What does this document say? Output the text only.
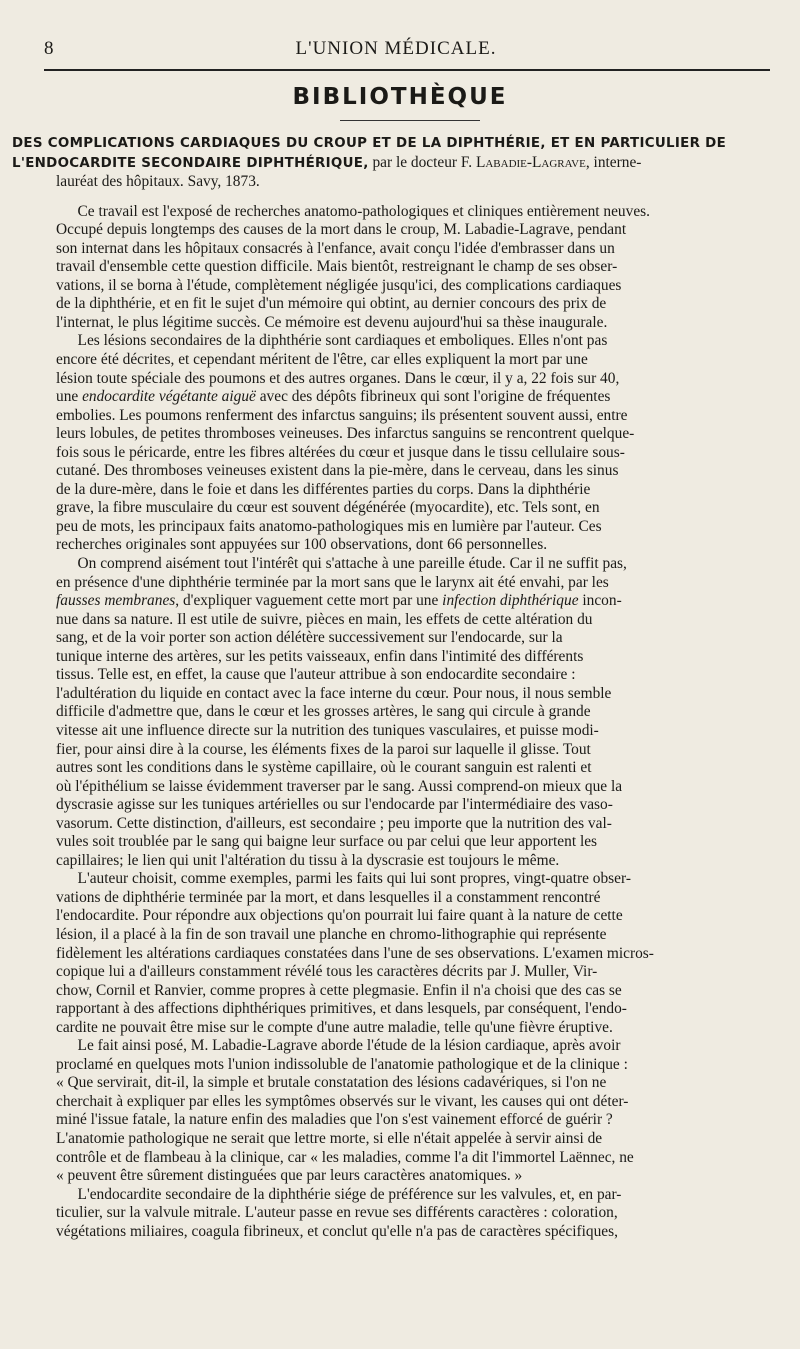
8	L'UNION MÉDICALE.
BIBLIOTHÈQUE
DES COMPLICATIONS CARDIAQUES DU CROUP ET DE LA DIPHTHÉRIE, ET EN PARTICULIER DE
L'ENDOCARDITE SECONDAIRE DIPHTHÉRIQUE, par le docteur F. Labadie-Lagrave, interne-
lauréat des hôpitaux. Savy, 1873.

Ce travail est l'exposé de recherches anatomo-pathologiques et cliniques entièrement neuves.
Occupé depuis longtemps des causes de la mort dans le croup, M. Labadie-Lagrave, pendant
son internat dans les hôpitaux consacrés à l'enfance, avait conçu l'idée d'embrasser dans un
travail d'ensemble cette question difficile. Mais bientôt, restreignant le champ de ses obser-
vations, il se borna à l'étude, complètement négligée jusqu'ici, des complications cardiaques
de la diphthérie, et en fit le sujet d'un mémoire qui obtint, au dernier concours des prix de
l'internat, le plus légitime succès. Ce mémoire est devenu aujourd'hui sa thèse inaugurale.

Les lésions secondaires de la diphthérie sont cardiaques et emboliques. Elles n'ont pas
encore été décrites, et cependant méritent de l'être, car elles expliquent la mort par une
lésion toute spéciale des poumons et des autres organes. Dans le cœur, il y a, 22 fois sur 40,
une endocardite végétante aiguë avec des dépôts fibrineux qui sont l'origine de fréquentes
embolies. Les poumons renferment des infarctus sanguins; ils présentent souvent aussi, entre
leurs lobules, de petites thromboses veineuses. Des infarctus sanguins se rencontrent quelque-
fois sous le péricarde, entre les fibres altérées du cœur et jusque dans le tissu cellulaire sous-
cutané. Des thromboses veineuses existent dans la pie-mère, dans le cerveau, dans les sinus
de la dure-mère, dans le foie et dans les différentes parties du corps. Dans la diphthérie
grave, la fibre musculaire du cœur est souvent dégénérée (myocardite), etc. Tels sont, en
peu de mots, les principaux faits anatomo-pathologiques mis en lumière par l'auteur. Ces
recherches originales sont appuyées sur 100 observations, dont 66 personnelles.

On comprend aisément tout l'intérêt qui s'attache à une pareille étude. Car il ne suffit pas,
en présence d'une diphthérie terminée par la mort sans que le larynx ait été envahi, par les
fausses membranes, d'expliquer vaguement cette mort par une infection diphthérique incon-
nue dans sa nature. Il est utile de suivre, pièces en main, les effets de cette altération du
sang, et de la voir porter son action délétère successivement sur l'endocarde, sur la
tunique interne des artères, sur les petits vaisseaux, enfin dans l'intimité des différents
tissus. Telle est, en effet, la cause que l'auteur attribue à son endocardite secondaire :
l'adultération du liquide en contact avec la face interne du cœur. Pour nous, il nous semble
difficile d'admettre que, dans le cœur et les grosses artères, le sang qui circule à grande
vitesse ait une influence directe sur la nutrition des tuniques vasculaires, et puisse modi-
fier, pour ainsi dire à la course, les éléments fixes de la paroi sur laquelle il glisse. Tout
autres sont les conditions dans le système capillaire, où le courant sanguin est ralenti et
où l'épithélium se laisse évidemment traverser par le sang. Aussi comprend-on mieux que la
dyscrasie agisse sur les tuniques artérielles ou sur l'endocarde par l'intermédiaire des vaso-
vasorum. Cette distinction, d'ailleurs, est secondaire ; peu importe que la nutrition des val-
vules soit troublée par le sang qui baigne leur surface ou par celui que leur apportent les
capillaires; le lien qui unit l'altération du tissu à la dyscrasie est toujours le même.

L'auteur choisit, comme exemples, parmi les faits qui lui sont propres, vingt-quatre obser-
vations de diphthérie terminée par la mort, et dans lesquelles il a constamment rencontré
l'endocardite. Pour répondre aux objections qu'on pourrait lui faire quant à la nature de cette
lésion, il a placé à la fin de son travail une planche en chromo-lithographie qui représente
fidèlement les altérations cardiaques constatées dans l'une de ses observations. L'examen micros-
copique lui a d'ailleurs constamment révélé tous les caractères décrits par J. Muller, Vir-
chow, Cornil et Ranvier, comme propres à cette plegmasie. Enfin il n'a choisi que des cas se
rapportant à des affections diphthériques primitives, et dans lesquels, par conséquent, l'endo-
cardite ne pouvait être mise sur le compte d'une autre maladie, telle qu'une fièvre éruptive.

Le fait ainsi posé, M. Labadie-Lagrave aborde l'étude de la lésion cardiaque, après avoir
proclamé en quelques mots l'union indissoluble de l'anatomie pathologique et de la clinique :
« Que servirait, dit-il, la simple et brutale constatation des lésions cadavériques, si l'on ne
cherchait à expliquer par elles les symptômes observés sur le vivant, les causes qui ont déter-
miné l'issue fatale, la nature enfin des maladies que l'on s'est vainement efforcé de guérir ?
L'anatomie pathologique ne serait que lettre morte, si elle n'était appelée à servir ainsi de
contrôle et de flambeau à la clinique, car « les maladies, comme l'a dit l'immortel Laënnec, ne
« peuvent être sûrement distinguées que par leurs caractères anatomiques. »

L'endocardite secondaire de la diphthérie siége de préférence sur les valvules, et, en par-
ticulier, sur la valvule mitrale. L'auteur passe en revue ses différents caractères : coloration,
végétations miliaires, coagula fibrineux, et conclut qu'elle n'a pas de caractères spécifiques,
